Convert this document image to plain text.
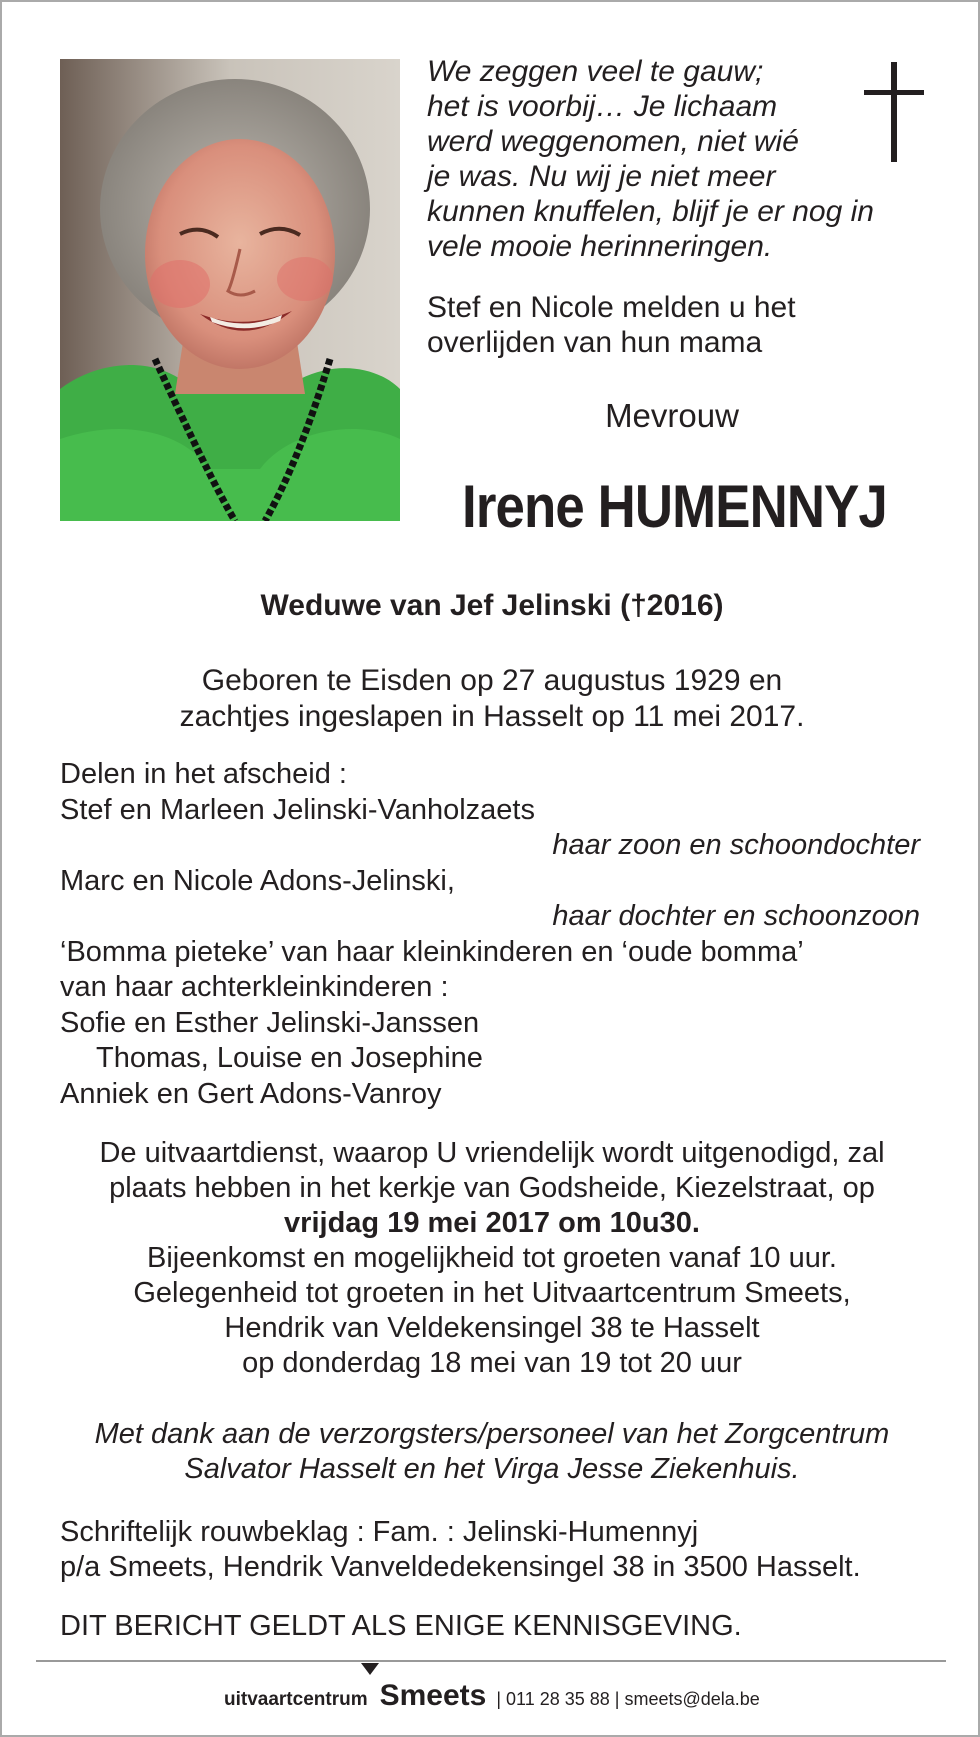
We zeggen veel te gauw;
het is voorbij… Je lichaam
werd weggenomen, niet wié
je was. Nu wij je niet meer
kunnen knuffelen, blijf je er nog in
vele mooie herinneringen.
Stef en Nicole melden u het
overlijden van hun mama
Mevrouw
Irene HUMENNYJ
Weduwe van Jef Jelinski (†2016)
Geboren te Eisden op 27 augustus 1929 en
zachtjes ingeslapen in Hasselt op 11 mei 2017.
Delen in het afscheid :
Stef en Marleen Jelinski-Vanholzaets
haar zoon en schoondochter
Marc en Nicole Adons-Jelinski,
haar dochter en schoonzoon
‘Bomma pieteke’ van haar kleinkinderen en ‘oude bomma’
van haar achterkleinkinderen :
Sofie en Esther Jelinski-Janssen
Thomas, Louise en Josephine
Anniek en Gert Adons-Vanroy
De uitvaartdienst, waarop U vriendelijk wordt uitgenodigd, zal
plaats hebben in het kerkje van Godsheide, Kiezelstraat, op
vrijdag 19 mei 2017 om 10u30.
Bijeenkomst en mogelijkheid tot groeten vanaf 10 uur.
Gelegenheid tot groeten in het Uitvaartcentrum Smeets,
Hendrik van Veldekensingel 38 te Hasselt
op donderdag 18 mei van 19 tot 20 uur
Met dank aan de verzorgsters/personeel van het Zorgcentrum
Salvator Hasselt en het Virga Jesse Ziekenhuis.
Schriftelijk rouwbeklag : Fam. : Jelinski-Humennyj
p/a Smeets, Hendrik Vanveldedekensingel 38 in 3500 Hasselt.
DIT BERICHT GELDT ALS ENIGE KENNISGEVING.
uitvaartcentrum Smeets | 011 28 35 88 | smeets@dela.be
